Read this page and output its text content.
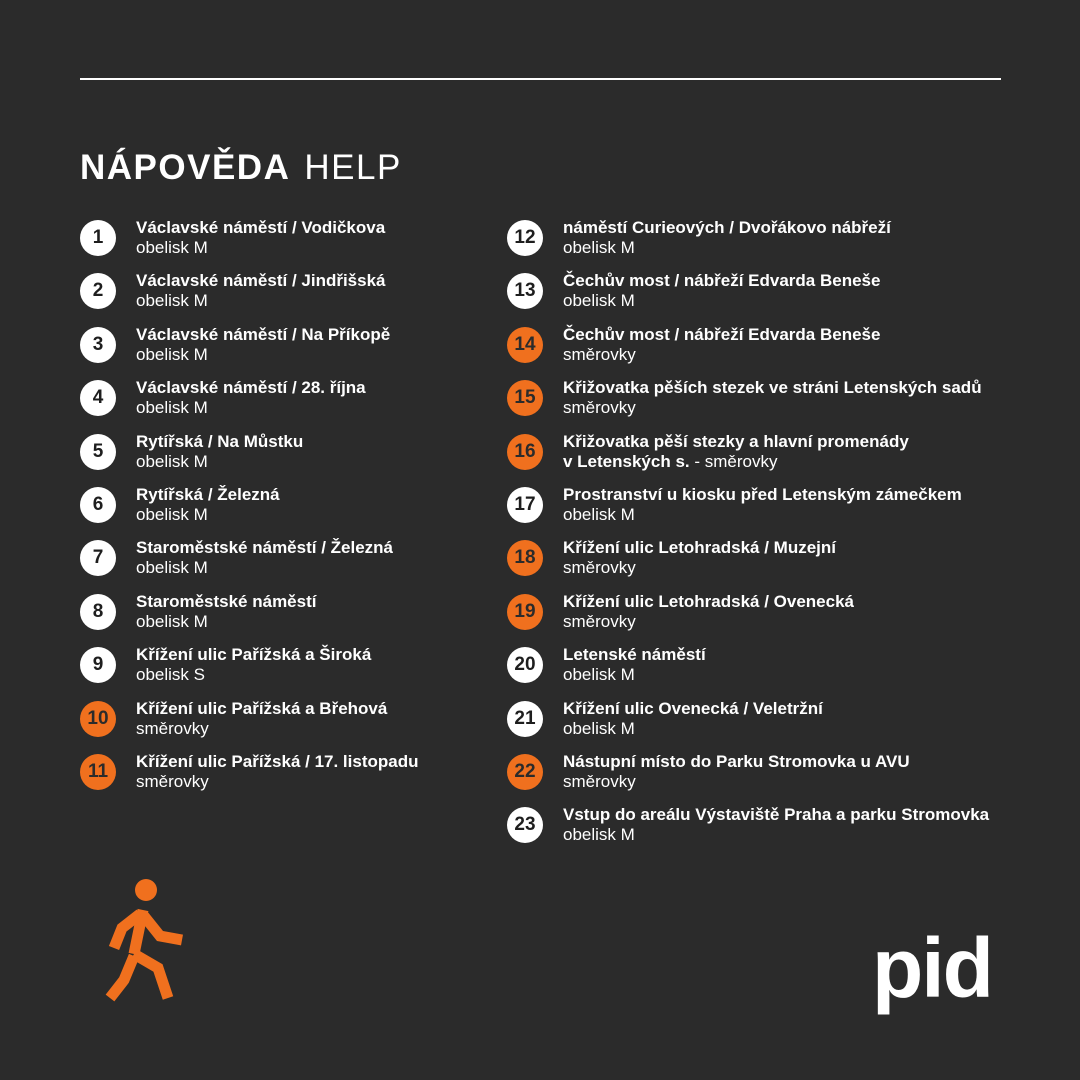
NÁPOVĚDA HELP
1	Václavské náměstí / Vodičkova
obelisk M
2	Václavské náměstí / Jindřišská
obelisk M
3	Václavské náměstí / Na Příkopě
obelisk M
4	Václavské náměstí / 28. října
obelisk M
5	Rytířská / Na Můstku
obelisk M
6	Rytířská / Železná
obelisk M
7	Staroměstské náměstí / Železná
obelisk M
8	Staroměstské náměstí
obelisk M
9	Křížení ulic Pařížská a Široká
obelisk S
10	Křížení ulic Pařížská a Břehová
směrovky
11	Křížení ulic Pařížská / 17. listopadu
směrovky
12	náměstí Curieových / Dvořákovo nábřeží
obelisk M
13	Čechův most / nábřeží Edvarda Beneše
obelisk M
14	Čechův most / nábřeží Edvarda Beneše
směrovky
15	Křižovatka pěších stezek ve stráni Letenských sadů
směrovky
16	Křižovatka pěší stezky a hlavní promenády
v Letenských s. - směrovky
17	Prostranství u kiosku před Letenským zámečkem
obelisk M
18	Křížení ulic Letohradská / Muzejní
směrovky
19	Křížení ulic Letohradská / Ovenecká
směrovky
20	Letenské náměstí
obelisk M
21	Křížení ulic Ovenecká / Veletržní
obelisk M
22	Nástupní místo do Parku Stromovka u AVU
směrovky
23	Vstup do areálu Výstaviště Praha a parku Stromovka
obelisk M
pid
